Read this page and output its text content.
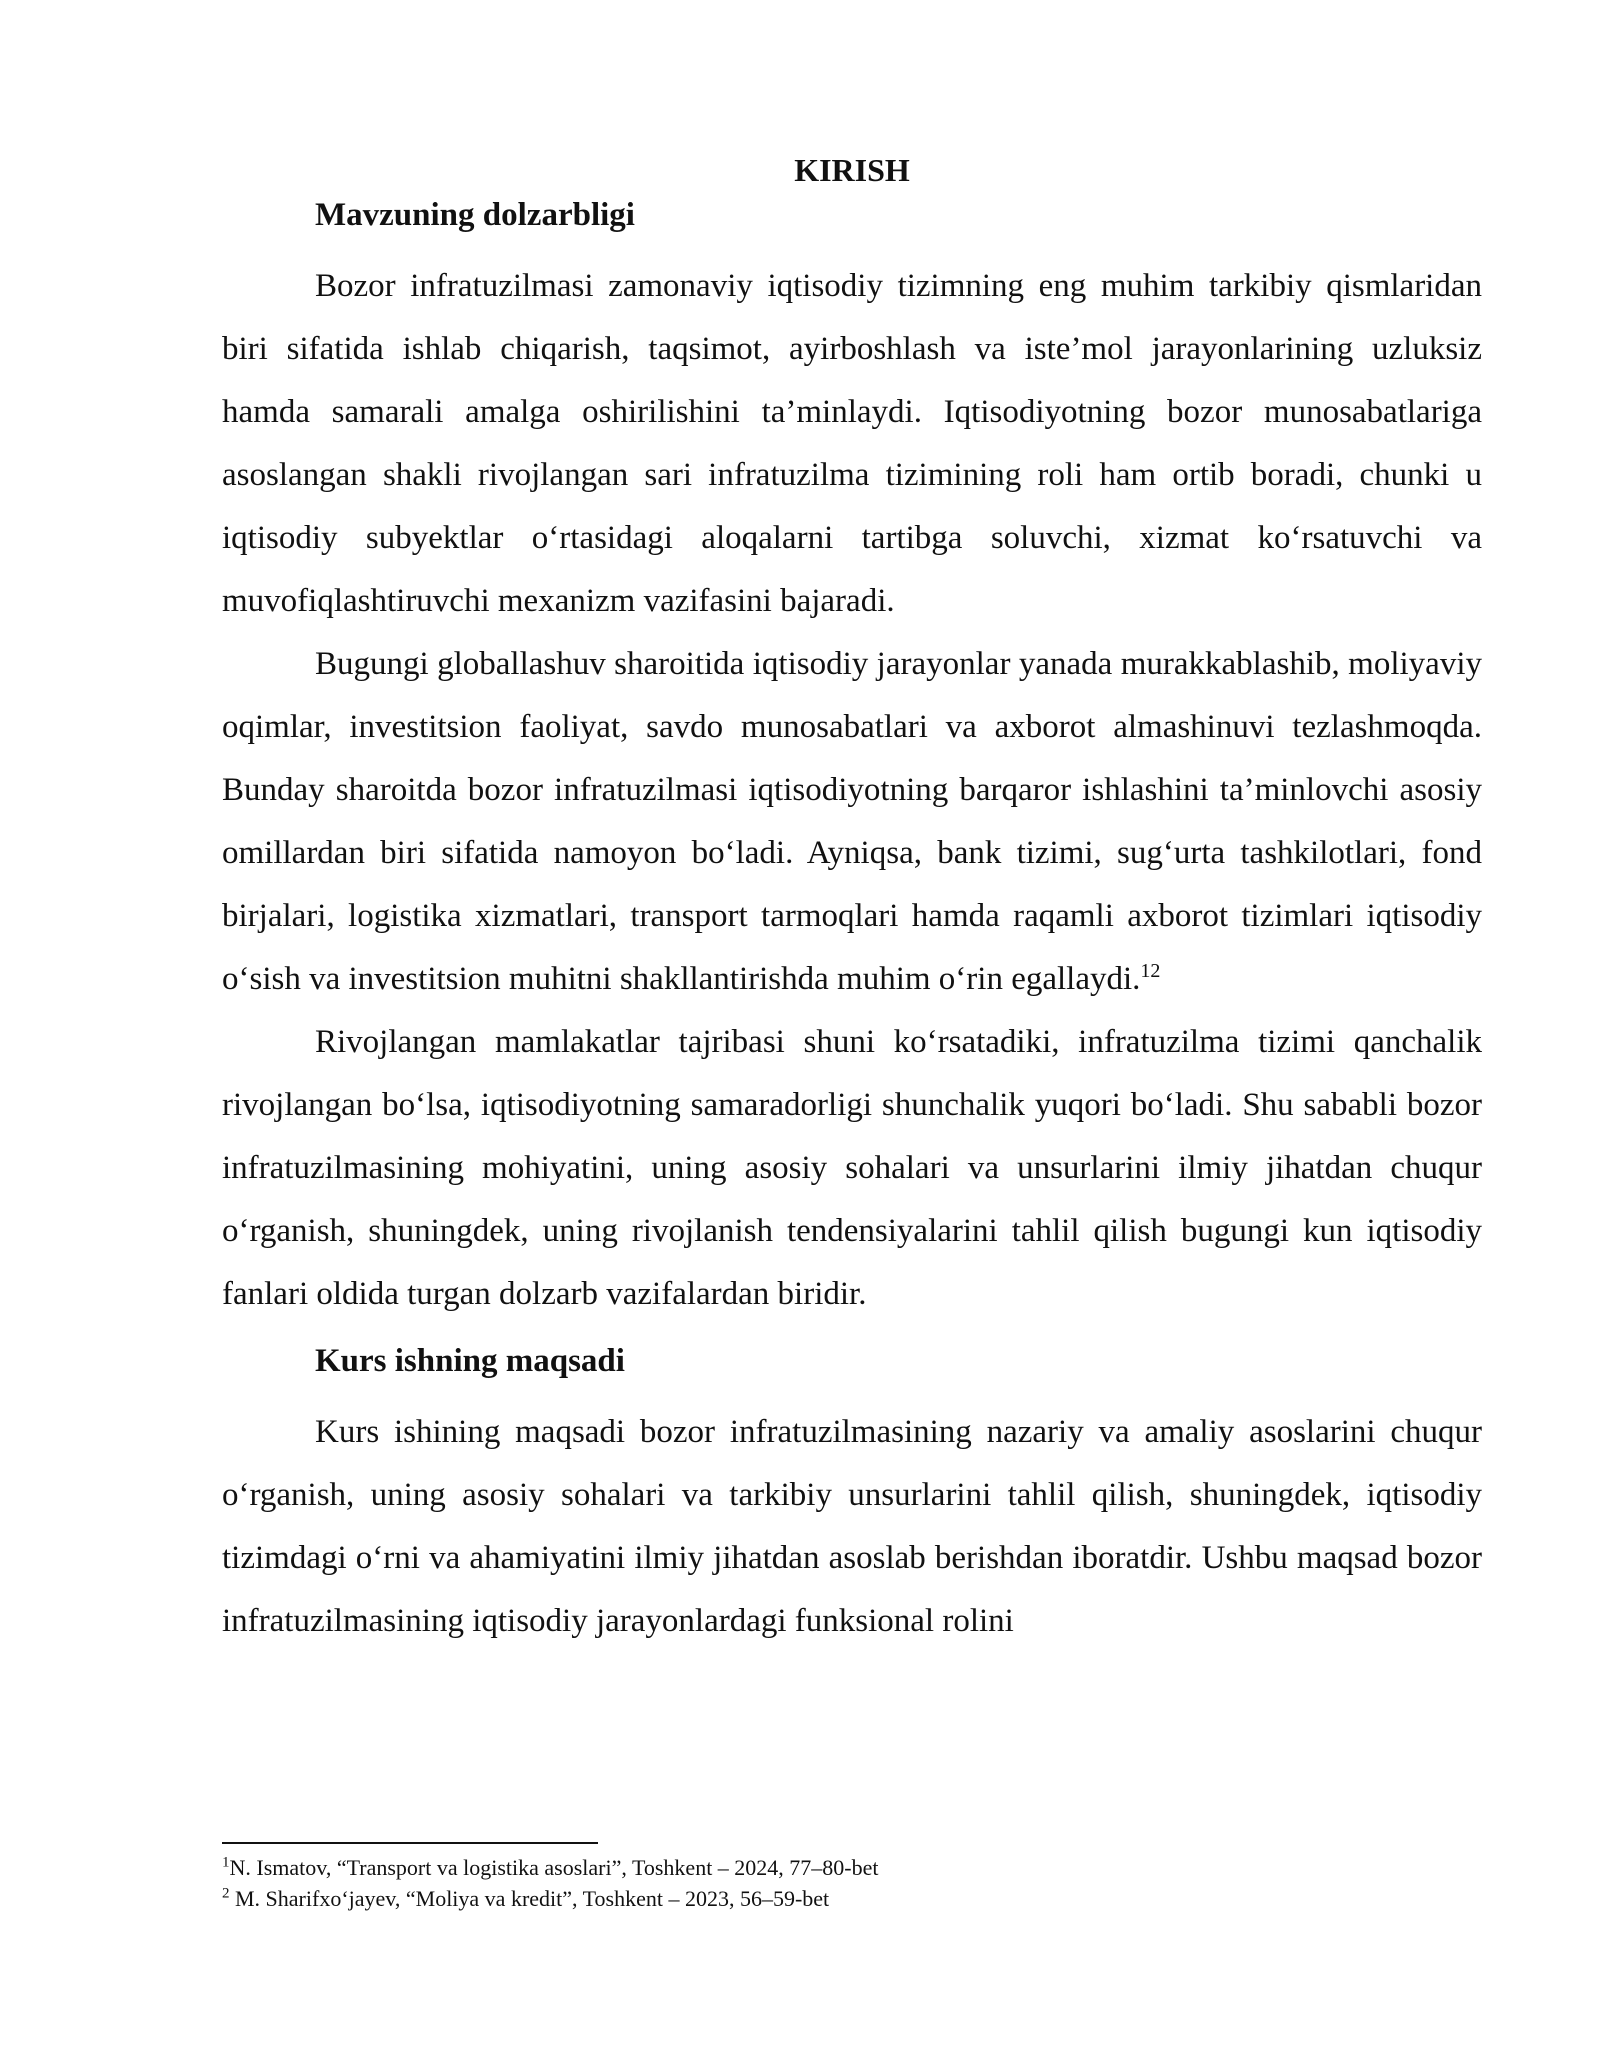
KIRISH
Mavzuning dolzarbligi

Bozor infratuzilmasi zamonaviy iqtisodiy tizimning eng muhim tarkibiy qismlaridan biri sifatida ishlab chiqarish, taqsimot, ayirboshlash va iste’mol jarayonlarining uzluksiz hamda samarali amalga oshirilishini ta’minlaydi. Iqtisodiyotning bozor munosabatlariga asoslangan shakli rivojlangan sari infratuzilma tizimining roli ham ortib boradi, chunki u iqtisodiy subyektlar o‘rtasidagi aloqalarni tartibga soluvchi, xizmat ko‘rsatuvchi va muvofiqlashtiruvchi mexanizm vazifasini bajaradi.

Bugungi globallashuv sharoitida iqtisodiy jarayonlar yanada murakkablashib, moliyaviy oqimlar, investitsion faoliyat, savdo munosabatlari va axborot almashinuvi tezlashmoqda. Bunday sharoitda bozor infratuzilmasi iqtisodiyotning barqaror ishlashini ta’minlovchi asosiy omillardan biri sifatida namoyon bo‘ladi. Ayniqsa, bank tizimi, sug‘urta tashkilotlari, fond birjalari, logistika xizmatlari, transport tarmoqlari hamda raqamli axborot tizimlari iqtisodiy o‘sish va investitsion muhitni shakllantirishda muhim o‘rin egallaydi.$^{12}$

Rivojlangan mamlakatlar tajribasi shuni ko‘rsatadiki, infratuzilma tizimi qanchalik rivojlangan bo‘lsa, iqtisodiyotning samaradorligi shunchalik yuqori bo‘ladi. Shu sababli bozor infratuzilmasining mohiyatini, uning asosiy sohalari va unsurlarini ilmiy jihatdan chuqur o‘rganish, shuningdek, uning rivojlanish tendensiyalarini tahlil qilish bugungi kun iqtisodiy fanlari oldida turgan dolzarb vazifalardan biridir.

Kurs ishning maqsadi

Kurs ishining maqsadi bozor infratuzilmasining nazariy va amaliy asoslarini chuqur o‘rganish, uning asosiy sohalari va tarkibiy unsurlarini tahlil qilish, shuningdek, iqtisodiy tizimdagi o‘rni va ahamiyatini ilmiy jihatdan asoslab berishdan iboratdir. Ushbu maqsad bozor infratuzilmasining iqtisodiy jarayonlardagi funksional rolini

$^1$N. Ismatov, “Transport va logistika asoslari”, Toshkent – 2024, 77–80-bet

$^2$ M. Sharifxo‘jayev, “Moliya va kredit”, Toshkent – 2023, 56–59-bet
